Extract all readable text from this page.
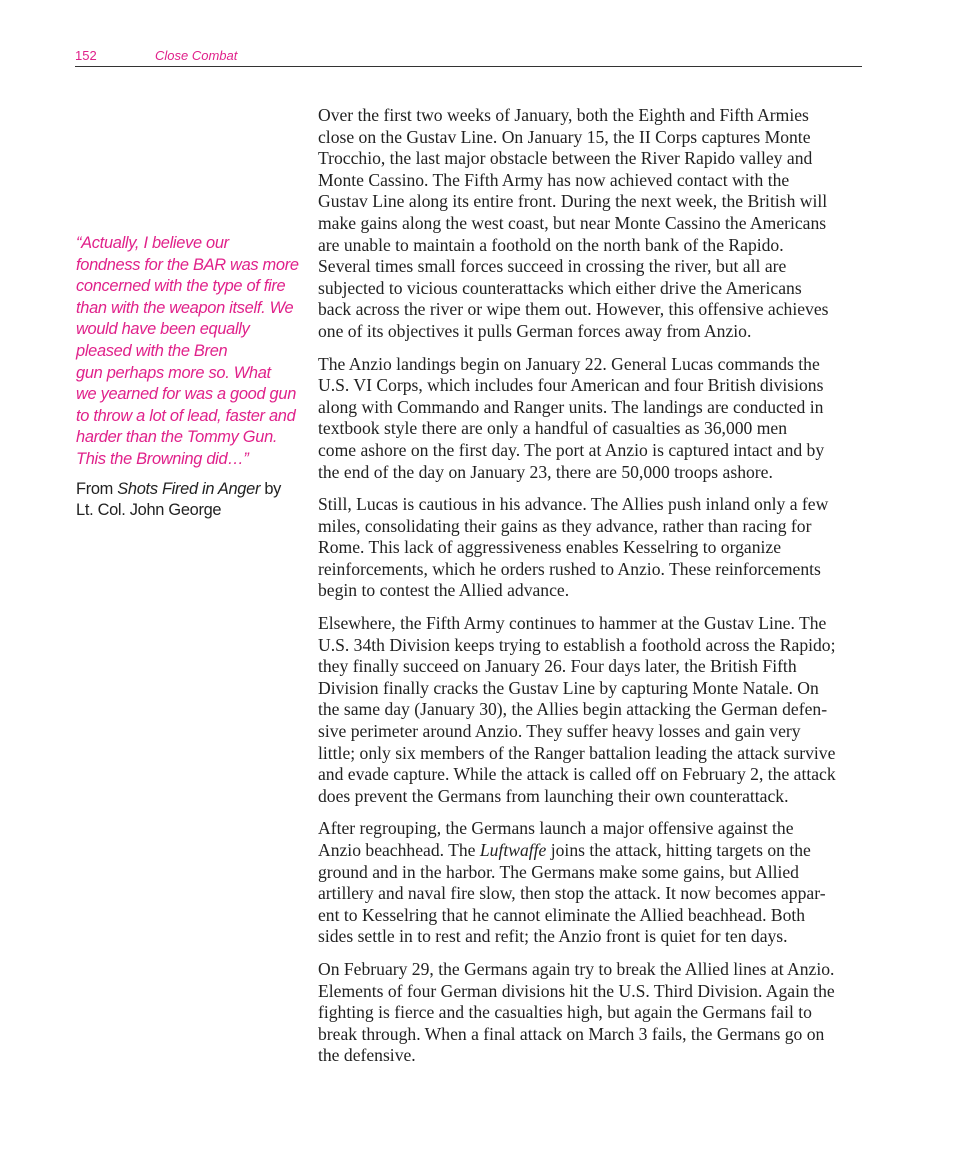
152	Close Combat

“Actually, I believe our
fondness for the BAR was more
concerned with the type of fire
than with the weapon itself. We
would have been equally
pleased with the Bren
gun perhaps more so. What
we yearned for was a good gun
to throw a lot of lead, faster and
harder than the Tommy Gun.
This the Browning did…”

From Shots Fired in Anger by
Lt. Col. John George

Over the first two weeks of January, both the Eighth and Fifth Armies
close on the Gustav Line. On January 15, the II Corps captures Monte
Trocchio, the last major obstacle between the River Rapido valley and
Monte Cassino. The Fifth Army has now achieved contact with the
Gustav Line along its entire front. During the next week, the British will
make gains along the west coast, but near Monte Cassino the Americans
are unable to maintain a foothold on the north bank of the Rapido.
Several times small forces succeed in crossing the river, but all are
subjected to vicious counterattacks which either drive the Americans
back across the river or wipe them out. However, this offensive achieves
one of its objectives it pulls German forces away from Anzio.

The Anzio landings begin on January 22. General Lucas commands the
U.S. VI Corps, which includes four American and four British divisions
along with Commando and Ranger units. The landings are conducted in
textbook style there are only a handful of casualties as 36,000 men
come ashore on the first day. The port at Anzio is captured intact and by
the end of the day on January 23, there are 50,000 troops ashore.

Still, Lucas is cautious in his advance. The Allies push inland only a few
miles, consolidating their gains as they advance, rather than racing for
Rome. This lack of aggressiveness enables Kesselring to organize
reinforcements, which he orders rushed to Anzio. These reinforcements
begin to contest the Allied advance.

Elsewhere, the Fifth Army continues to hammer at the Gustav Line. The
U.S. 34th Division keeps trying to establish a foothold across the Rapido;
they finally succeed on January 26. Four days later, the British Fifth
Division finally cracks the Gustav Line by capturing Monte Natale. On
the same day (January 30), the Allies begin attacking the German defen-
sive perimeter around Anzio. They suffer heavy losses and gain very
little; only six members of the Ranger battalion leading the attack survive
and evade capture. While the attack is called off on February 2, the attack
does prevent the Germans from launching their own counterattack.

After regrouping, the Germans launch a major offensive against the
Anzio beachhead. The Luftwaffe joins the attack, hitting targets on the
ground and in the harbor. The Germans make some gains, but Allied
artillery and naval fire slow, then stop the attack. It now becomes appar-
ent to Kesselring that he cannot eliminate the Allied beachhead. Both
sides settle in to rest and refit; the Anzio front is quiet for ten days.

On February 29, the Germans again try to break the Allied lines at Anzio.
Elements of four German divisions hit the U.S. Third Division. Again the
fighting is fierce and the casualties high, but again the Germans fail to
break through. When a final attack on March 3 fails, the Germans go on
the defensive.
